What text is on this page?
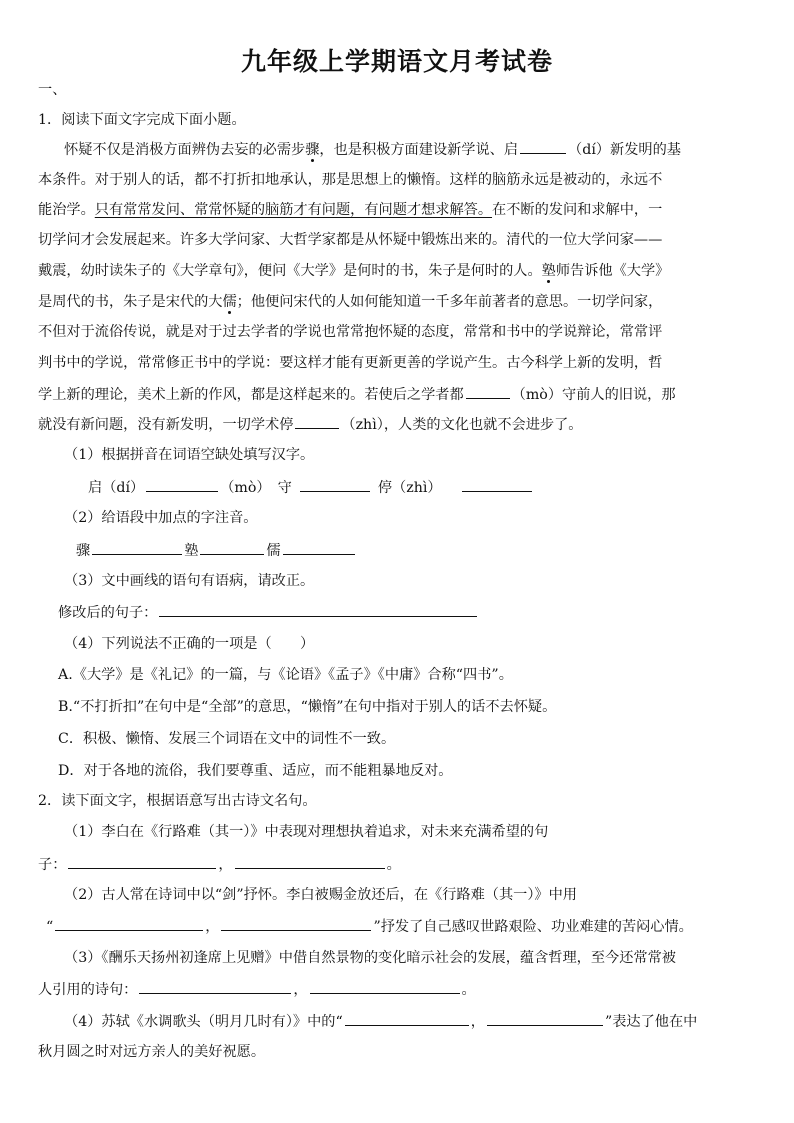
九年级上学期语文月考试卷
一、
1．阅读下面文字完成下面小题。
怀疑不仅是消极方面辨伪去妄的必需步骤，也是积极方面建设新学说、启	（dí）新发明的基
本条件。对于别人的话，都不打折扣地承认，那是思想上的懒惰。这样的脑筋永远是被动的，永远不
能治学。只有常常发问、常常怀疑的脑筋才有问题，有问题才想求解答。在不断的发问和求解中，一
切学问才会发展起来。许多大学问家、大哲学家都是从怀疑中锻炼出来的。清代的一位大学问家——
戴震，幼时读朱子的《大学章句》，便问《大学》是何时的书，朱子是何时的人。塾师告诉他《大学》
是周代的书，朱子是宋代的大儒；他便问宋代的人如何能知道一千多年前著者的意思。一切学问家，
不但对于流俗传说，就是对于过去学者的学说也常常抱怀疑的态度，常常和书中的学说辩论，常常评
判书中的学说，常常修正书中的学说：要这样才能有更新更善的学说产生。古今科学上新的发明，哲
学上新的理论，美术上新的作风，都是这样起来的。若使后之学者都	（mò）守前人的旧说，那
就没有新问题，没有新发明，一切学术停	（zhì），人类的文化也就不会进步了。
（1）根据拼音在词语空缺处填写汉字。
启（dí）	（mò）　守	停（zhì）
（2）给语段中加点的字注音。
骤	塾	儒
（3）文中画线的语句有语病，请改正。
修改后的句子：
（4）下列说法不正确的一项是（　　）
A.《大学》是《礼记》的一篇，与《论语》《孟子》《中庸》合称“四书”。
B.“不打折扣”在句中是“全部”的意思，“懒惰”在句中指对于别人的话不去怀疑。
C．积极、懒惰、发展三个词语在文中的词性不一致。
D．对于各地的流俗，我们要尊重、适应，而不能粗暴地反对。
2．读下面文字，根据语意写出古诗文名句。
（1）李白在《行路难（其一）》中表现对理想执着追求，对未来充满希望的句
子：	，	。
（2）古人常在诗词中以“剑”抒怀。李白被赐金放还后，在《行路难（其一）》中用
“	，	”抒发了自己感叹世路艰险、功业难建的苦闷心情。
（3）《酬乐天扬州初逢席上见赠》中借自然景物的变化暗示社会的发展，蕴含哲理，至今还常常被
人引用的诗句：	，	。
（4）苏轼《水调歌头（明月几时有）》中的“	，	”表达了他在中
秋月圆之时对远方亲人的美好祝愿。
